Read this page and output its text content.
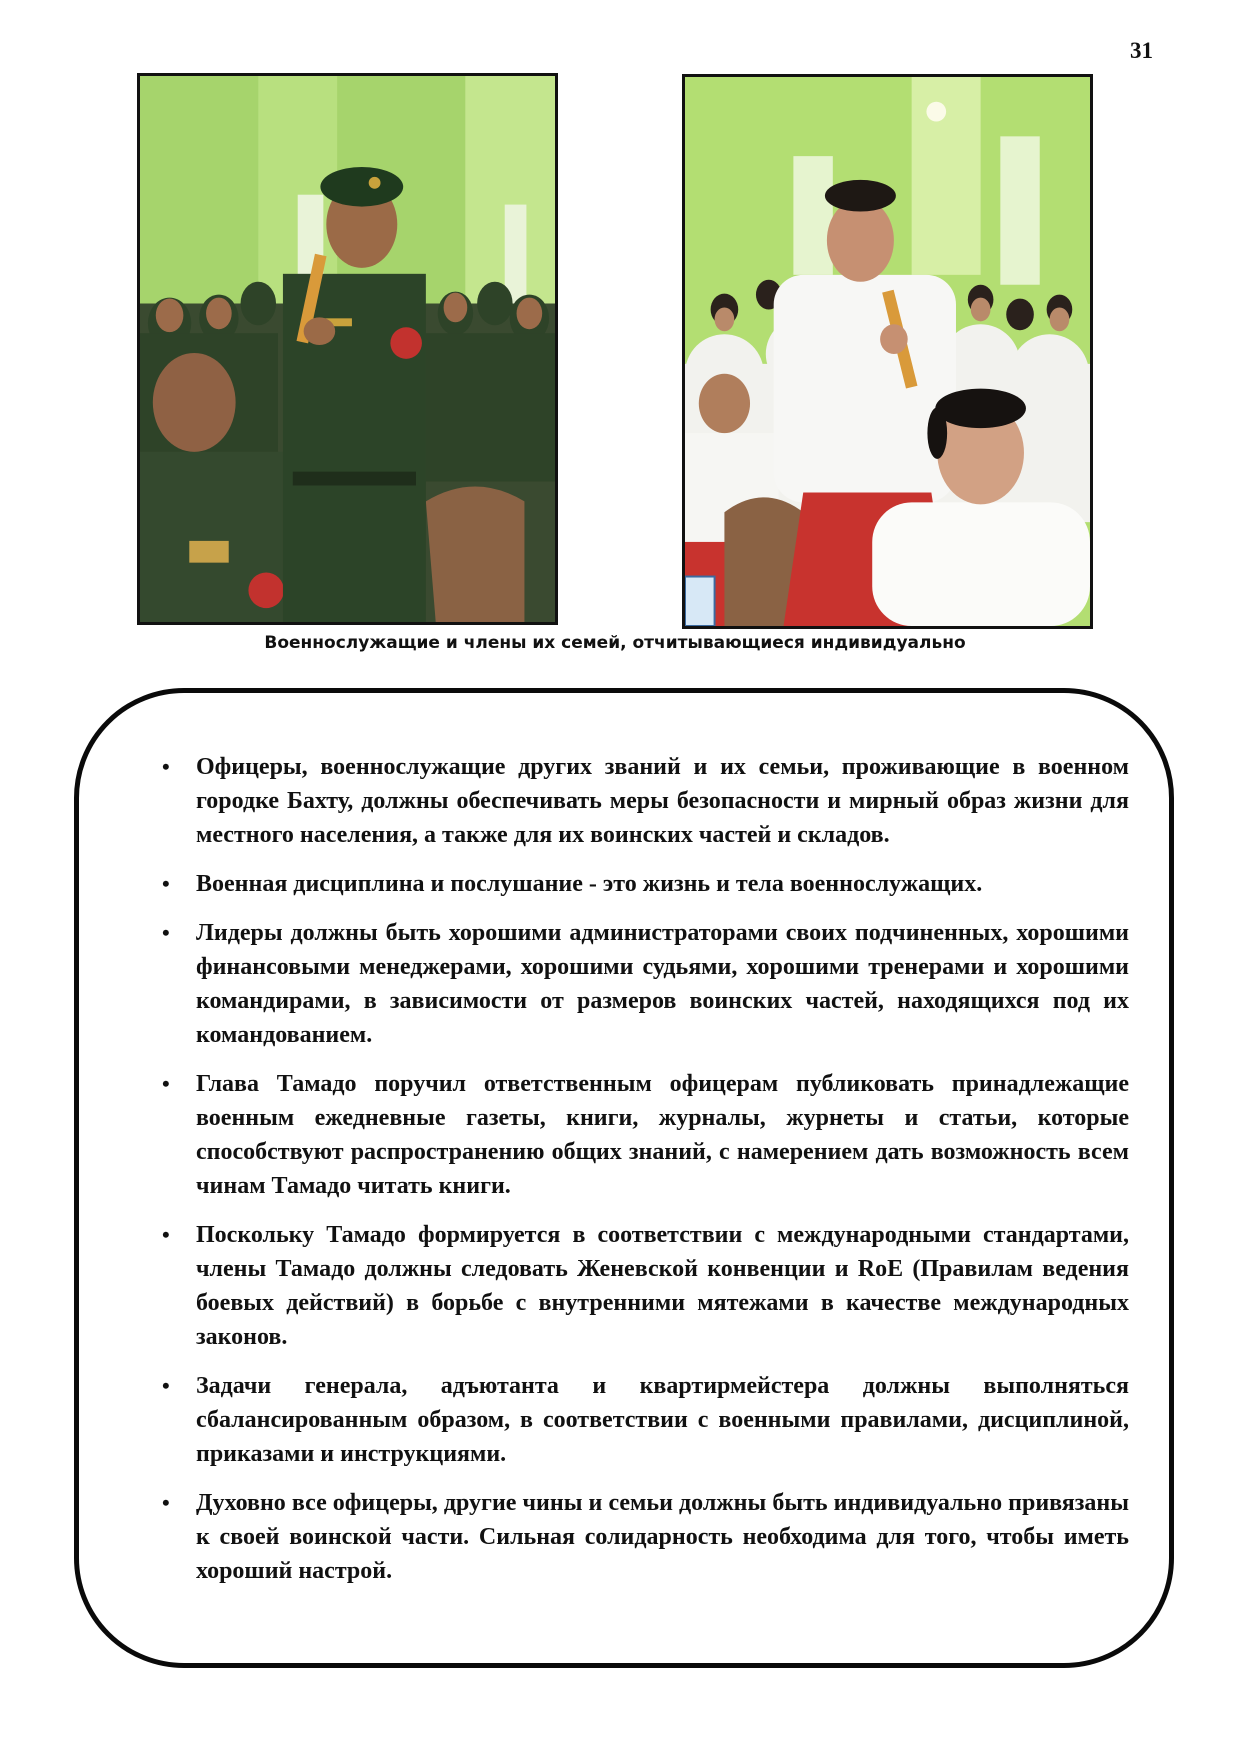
31
Военнослужащие и члены их семей, отчитывающиеся индивидуально
•	Офицеры, военнослужащие других званий и их семьи, проживающие в военном городке Бахту, должны обеспечивать меры безопасности и мирный образ жизни для местного населения, а также для их воинских частей и складов.
•	Военная дисциплина и послушание - это жизнь и тела военнослужащих.
•	Лидеры должны быть хорошими администраторами своих подчиненных, хорошими финансовыми менеджерами, хорошими судьями, хорошими тренерами и хорошими командирами, в зависимости от размеров воинских частей, находящихся под их командованием.
•	Глава Тамадо поручил ответственным офицерам публиковать принадлежащие военным ежедневные газеты, книги, журналы, журнеты и статьи, которые способствуют распространению общих знаний, с намерением дать возможность всем чинам Тамадо читать книги.
•	Поскольку Тамадо формируется в соответствии с международными стандартами, члены Тамадо должны следовать Женевской конвенции и RoE (Правилам ведения боевых действий) в борьбе с внутренними мятежами в качестве международных законов.
•	Задачи генерала, адъютанта и квартирмейстера должны выполняться сбалансированным образом, в соответствии с военными правилами, дисциплиной, приказами и инструкциями.
•	Духовно все офицеры, другие чины и семьи должны быть индивидуально привязаны к своей воинской части. Сильная солидарность необходима для того, чтобы иметь хороший настрой.
